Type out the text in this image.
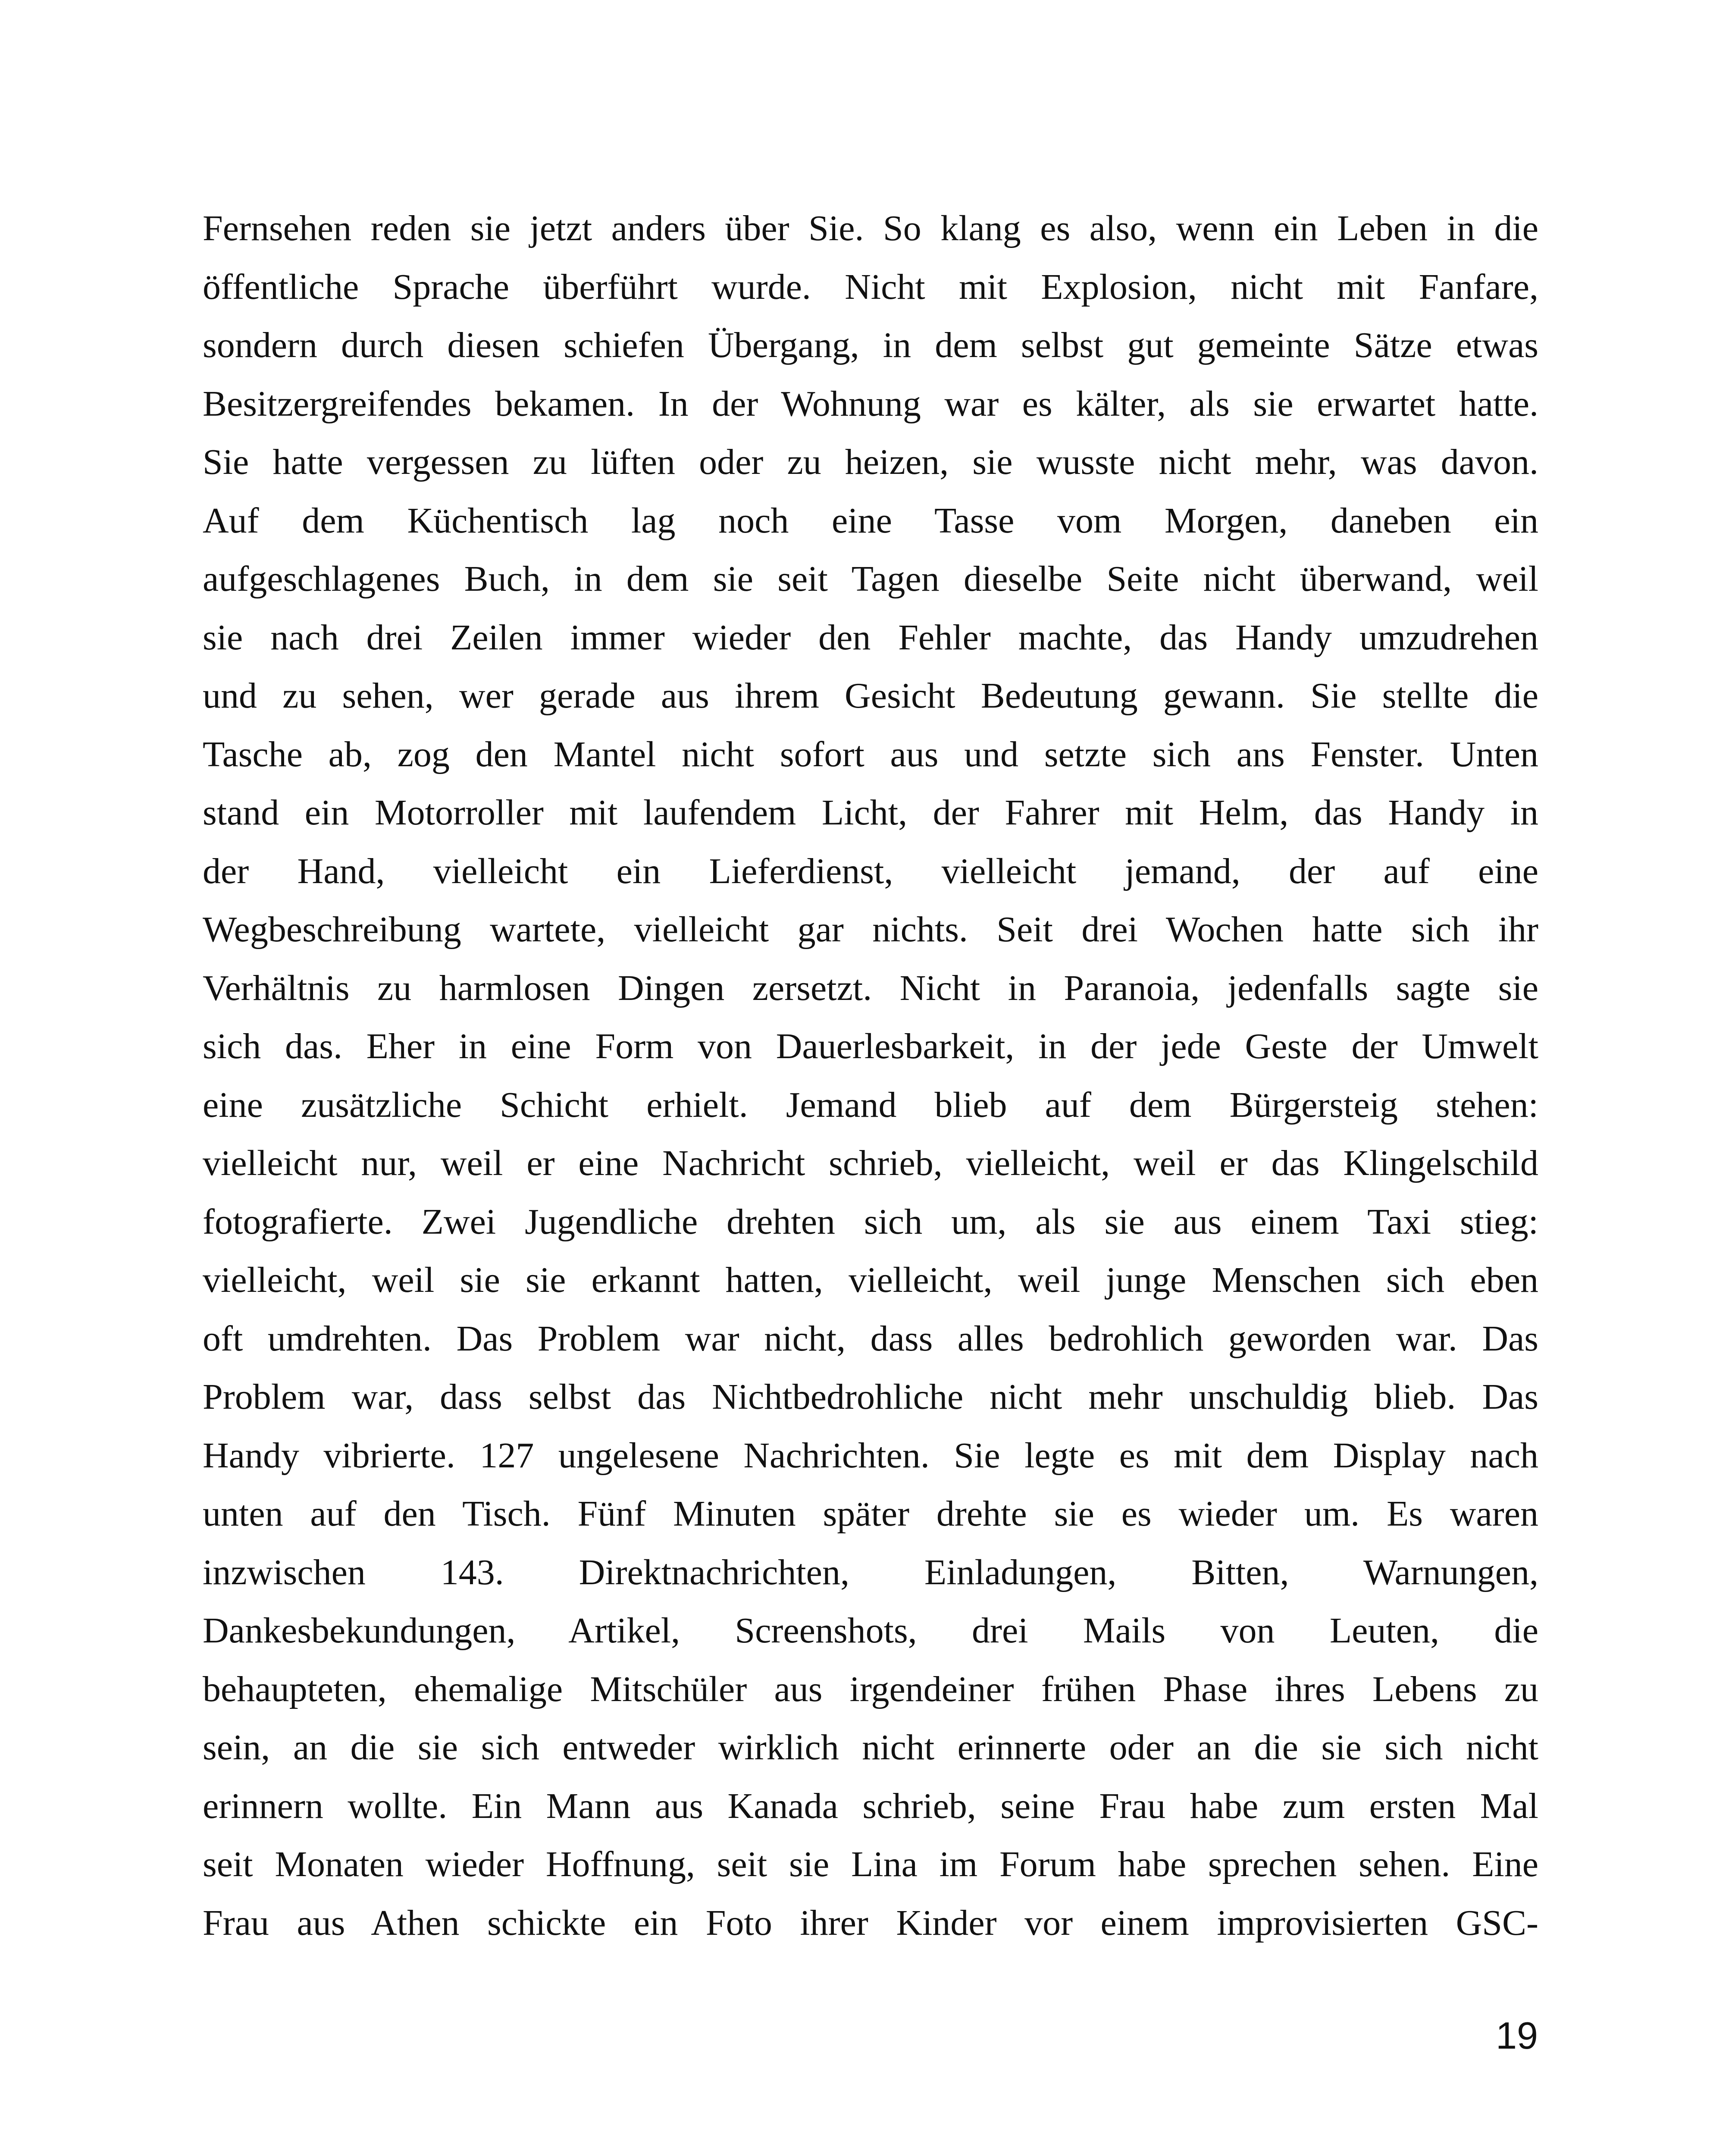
Fernsehen reden sie jetzt anders über Sie. So klang es also, wenn ein Leben in die
öffentliche Sprache überführt wurde. Nicht mit Explosion, nicht mit Fanfare,
sondern durch diesen schiefen Übergang, in dem selbst gut gemeinte Sätze etwas
Besitzergreifendes bekamen. In der Wohnung war es kälter, als sie erwartet hatte.
Sie hatte vergessen zu lüften oder zu heizen, sie wusste nicht mehr, was davon.
Auf dem Küchentisch lag noch eine Tasse vom Morgen, daneben ein
aufgeschlagenes Buch, in dem sie seit Tagen dieselbe Seite nicht überwand, weil
sie nach drei Zeilen immer wieder den Fehler machte, das Handy umzudrehen
und zu sehen, wer gerade aus ihrem Gesicht Bedeutung gewann. Sie stellte die
Tasche ab, zog den Mantel nicht sofort aus und setzte sich ans Fenster. Unten
stand ein Motorroller mit laufendem Licht, der Fahrer mit Helm, das Handy in
der Hand, vielleicht ein Lieferdienst, vielleicht jemand, der auf eine
Wegbeschreibung wartete, vielleicht gar nichts. Seit drei Wochen hatte sich ihr
Verhältnis zu harmlosen Dingen zersetzt. Nicht in Paranoia, jedenfalls sagte sie
sich das. Eher in eine Form von Dauerlesbarkeit, in der jede Geste der Umwelt
eine zusätzliche Schicht erhielt. Jemand blieb auf dem Bürgersteig stehen:
vielleicht nur, weil er eine Nachricht schrieb, vielleicht, weil er das Klingelschild
fotografierte. Zwei Jugendliche drehten sich um, als sie aus einem Taxi stieg:
vielleicht, weil sie sie erkannt hatten, vielleicht, weil junge Menschen sich eben
oft umdrehten. Das Problem war nicht, dass alles bedrohlich geworden war. Das
Problem war, dass selbst das Nichtbedrohliche nicht mehr unschuldig blieb. Das
Handy vibrierte. 127 ungelesene Nachrichten. Sie legte es mit dem Display nach
unten auf den Tisch. Fünf Minuten später drehte sie es wieder um. Es waren
inzwischen 143. Direktnachrichten, Einladungen, Bitten, Warnungen,
Dankesbekundungen, Artikel, Screenshots, drei Mails von Leuten, die
behaupteten, ehemalige Mitschüler aus irgendeiner frühen Phase ihres Lebens zu
sein, an die sie sich entweder wirklich nicht erinnerte oder an die sie sich nicht
erinnern wollte. Ein Mann aus Kanada schrieb, seine Frau habe zum ersten Mal
seit Monaten wieder Hoffnung, seit sie Lina im Forum habe sprechen sehen. Eine
Frau aus Athen schickte ein Foto ihrer Kinder vor einem improvisierten GSC-

19
